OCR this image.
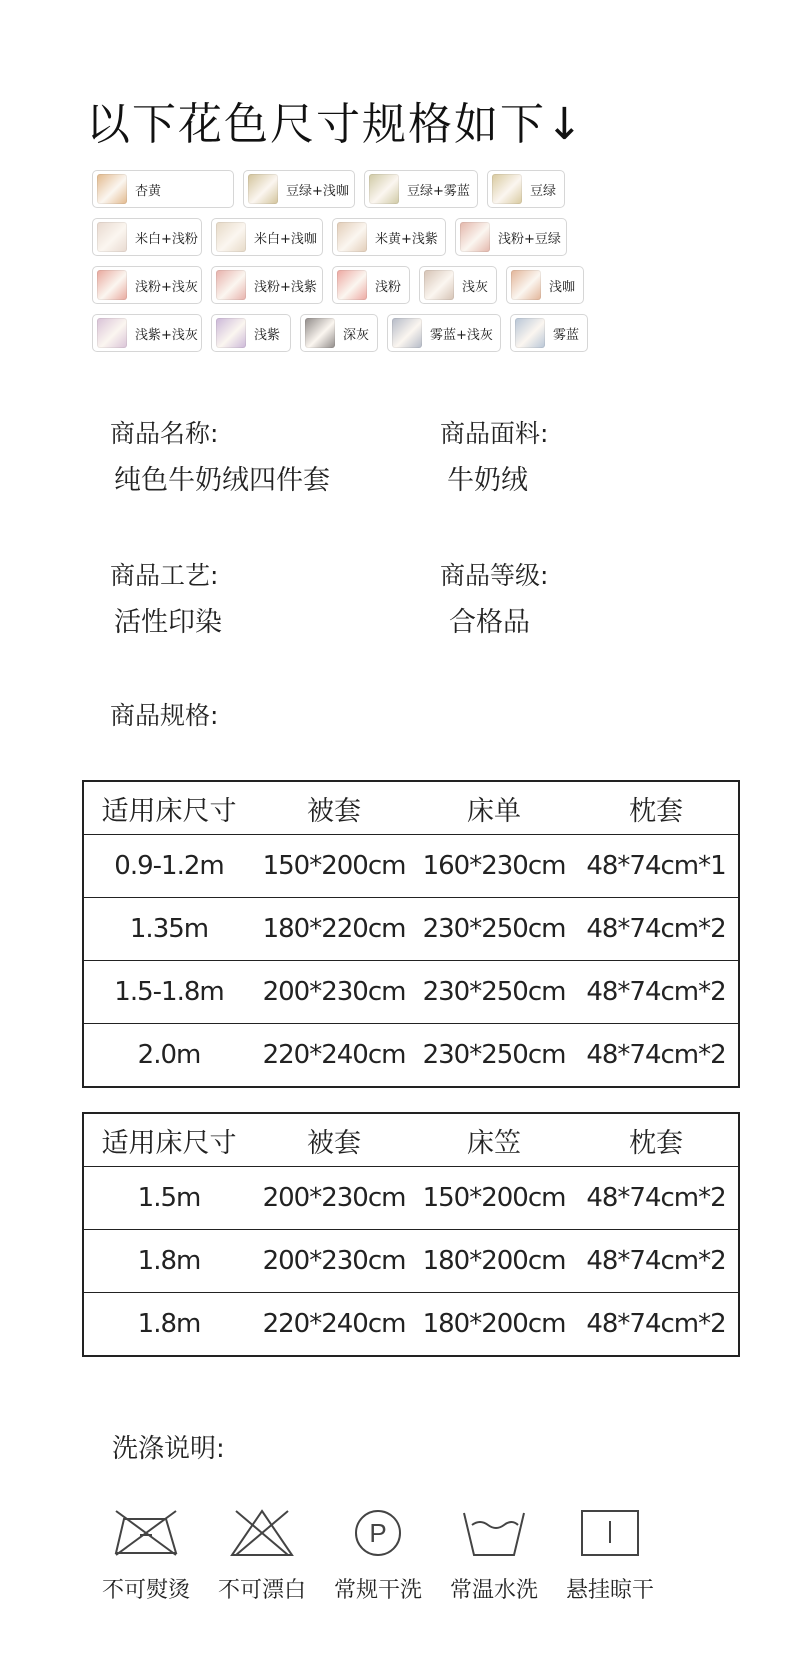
以下花色尺寸规格如下↓
杏黄	豆绿+浅咖	豆绿+雾蓝	豆绿
米白+浅粉	米白+浅咖	米黄+浅紫	浅粉+豆绿
浅粉+浅灰	浅粉+浅紫	浅粉	浅灰	浅咖
浅紫+浅灰	浅紫	深灰	雾蓝+浅灰	雾蓝
商品名称:
纯色牛奶绒四件套
商品面料:
牛奶绒
商品工艺:
活性印染
商品等级:
合格品
商品规格:
适用床尺寸	被套	床单	枕套
0.9-1.2m	150*200cm 160*230cm 48*74cm*1
1.35m	180*220cm 230*250cm 48*74cm*2
1.5-1.8m	200*230cm 230*250cm 48*74cm*2
2.0m	220*240cm 230*250cm 48*74cm*2
适用床尺寸	被套	床笠	枕套
1.5m	200*230cm 150*200cm 48*74cm*2
1.8m	200*230cm 180*200cm 48*74cm*2
1.8m	220*240cm 180*200cm 48*74cm*2
洗涤说明:
不可熨烫	不可漂白
P
常规干洗	常温水洗	悬挂晾干
